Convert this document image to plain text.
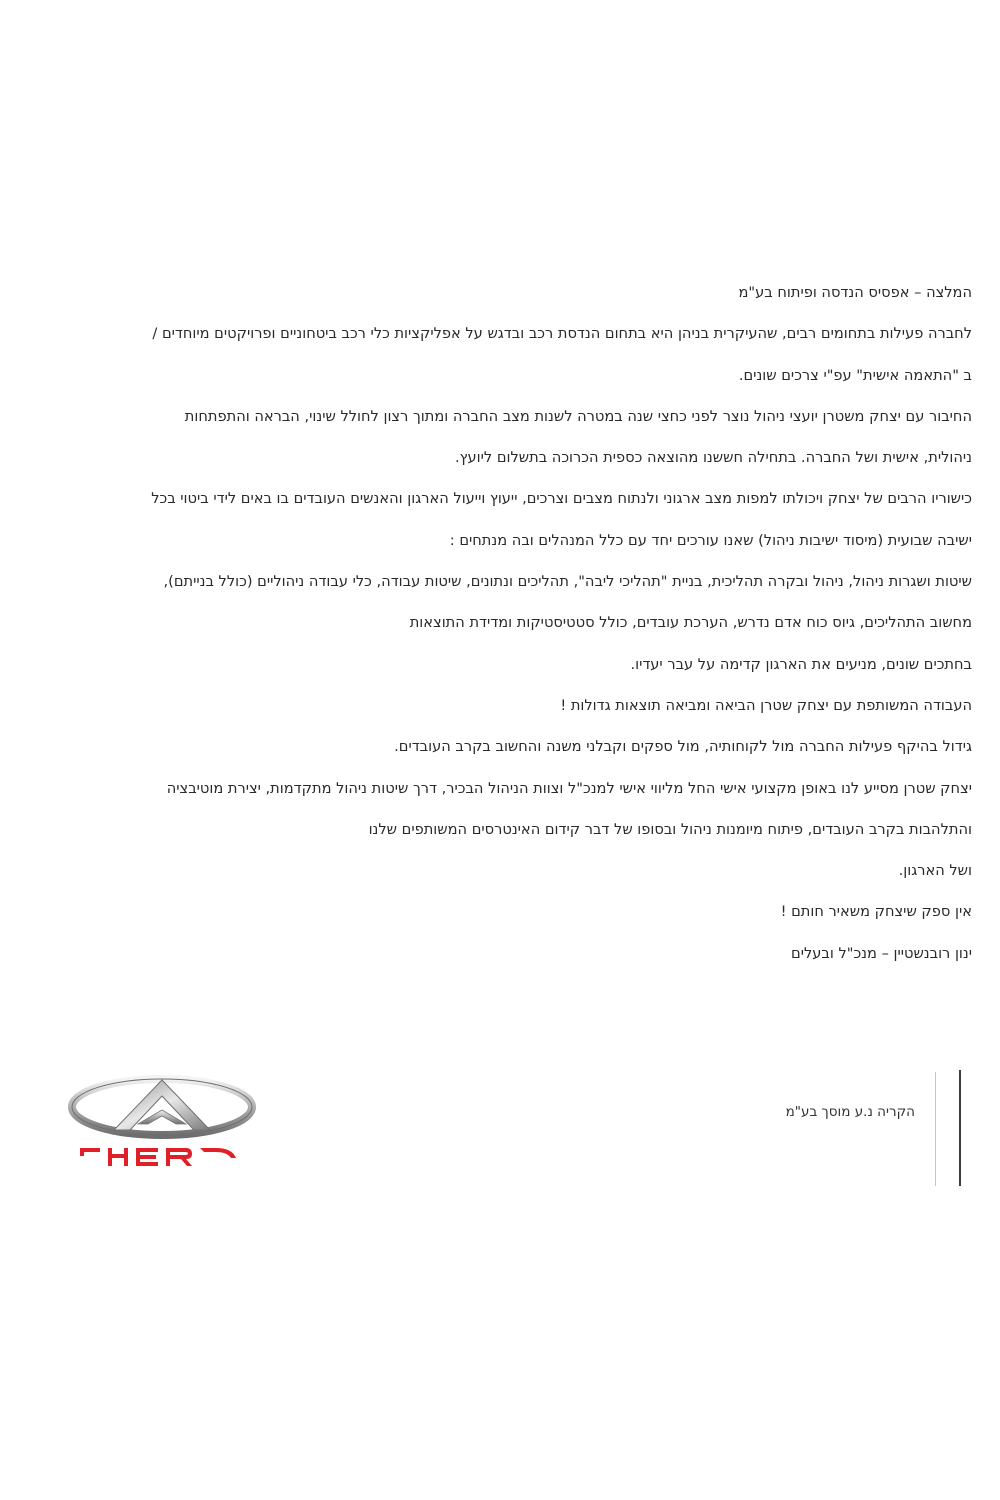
המלצה – אפסיס הנדסה ופיתוח בע"מ
לחברה פעילות בתחומים רבים, שהעיקרית בניהן היא בתחום הנדסת רכב ובדגש על אפליקציות כלי רכב ביטחוניים ופרויקטים מיוחדים /
ב "התאמה אישית" עפ"י צרכים שונים.
החיבור עם יצחק משטרן יועצי ניהול נוצר לפני כחצי שנה במטרה לשנות מצב החברה ומתוך רצון לחולל שינוי, הבראה והתפתחות
ניהולית, אישית ושל החברה. בתחילה חששנו מהוצאה כספית הכרוכה בתשלום ליועץ.
כישוריו הרבים של יצחק ויכולתו למפות מצב ארגוני ולנתוח מצבים וצרכים, ייעוץ וייעול הארגון והאנשים העובדים בו באים לידי ביטוי בכל
ישיבה שבועית (מיסוד ישיבות ניהול) שאנו עורכים יחד עם כלל המנהלים ובה מנתחים :
שיטות ושגרות ניהול, ניהול ובקרה תהליכית, בניית "תהליכי ליבה", תהליכים ונתונים, שיטות עבודה, כלי עבודה ניהוליים (כולל בנייתם),
מחשוב התהליכים, גיוס כוח אדם נדרש, הערכת עובדים, כולל סטטיסטיקות ומדידת התוצאות
בחתכים שונים, מניעים את הארגון קדימה על עבר יעדיו.
העבודה המשותפת עם יצחק שטרן הביאה ומביאה תוצאות גדולות !
גידול בהיקף פעילות החברה מול לקוחותיה, מול ספקים וקבלני משנה והחשוב בקרב העובדים.
יצחק שטרן מסייע לנו באופן מקצועי אישי החל מליווי אישי למנכ"ל וצוות הניהול הבכיר, דרך שיטות ניהול מתקדמות, יצירת מוטיבציה
והתלהבות בקרב העובדים, פיתוח מיומנות ניהול ובסופו של דבר קידום האינטרסים המשותפים שלנו
ושל הארגון.
אין ספק שיצחק משאיר חותם !
ינון רובנשטיין – מנכ"ל ובעלים
הקריה נ.ע מוסך בע"מ
